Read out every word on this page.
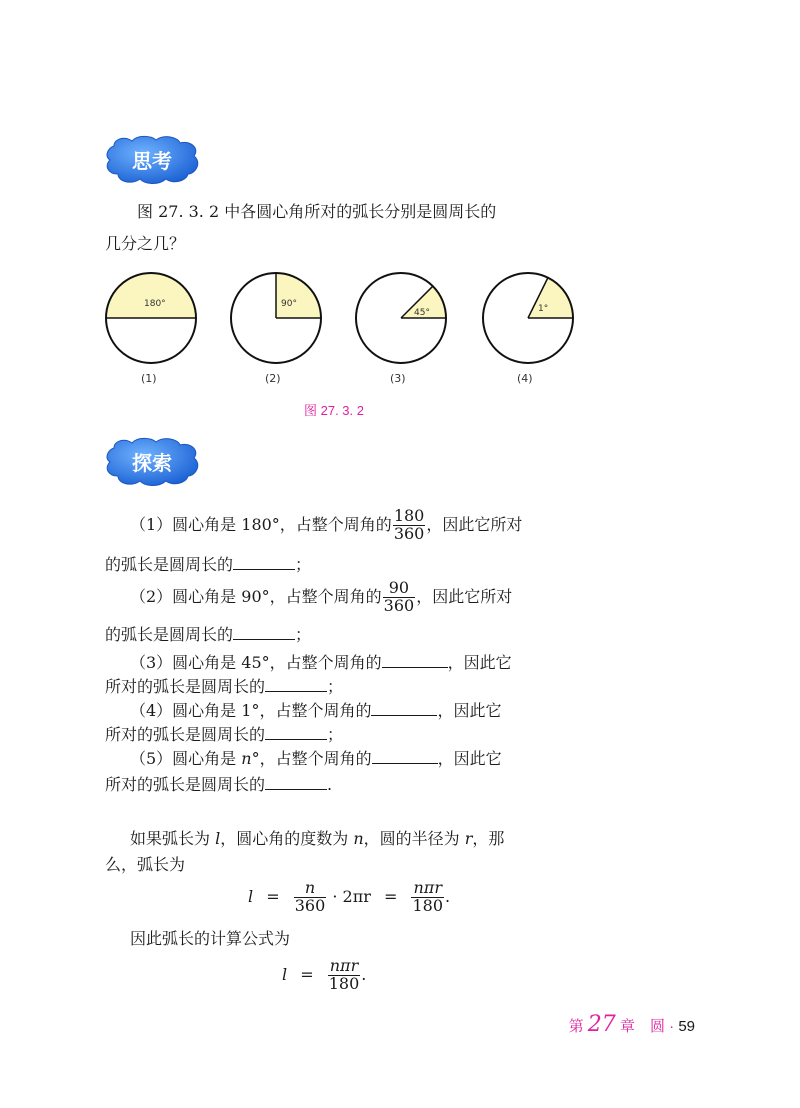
思考
图 27. 3. 2 中各圆心角所对的弧长分别是圆周长的
几分之几？
180°	90°
45°	1°
(1)	(2)	(3)	(4)
图 27. 3. 2
探索
（1）圆心角是 180°，占整个周角的 $\frac{180}{360}$ ，因此它所对
的弧长是圆周长的	；
（2）圆心角是 90°，占整个周角的 $\frac{90}{360}$ ，因此它所对
的弧长是圆周长的	；
（3）圆心角是 45°，占整个周角的	，因此它
所对的弧长是圆周长的	；
（4）圆心角是 1°，占整个周角的	，因此它
所对的弧长是圆周长的	；
（5）圆心角是 n°，占整个周角的	，因此它
所对的弧长是圆周长的	.
如果弧长为 l，圆心角的度数为 n，圆的半径为 r，那
么，弧长为
$l = \frac{n}{360} \cdot 2\pi r = \frac{\text{nπr}}{180}$ .
因此弧长的计算公式为
$l = \frac{\text{nπr}}{180}$ .
第 27 章　圆 · 59
